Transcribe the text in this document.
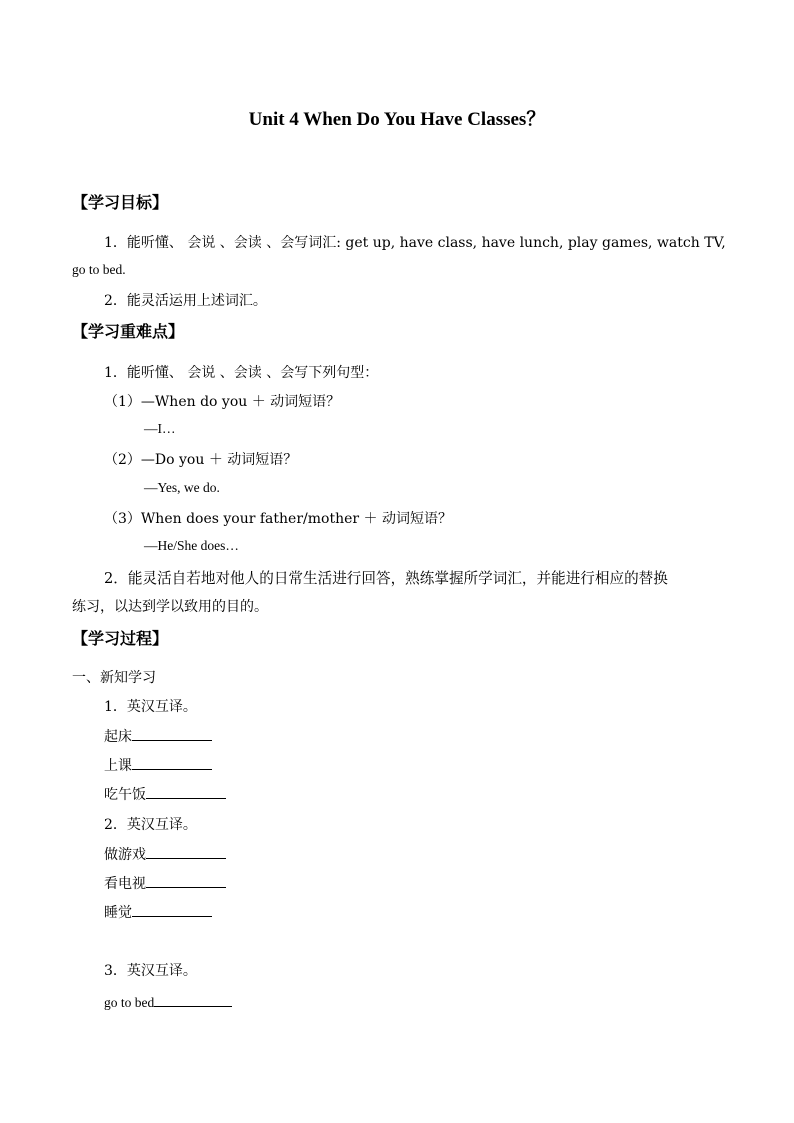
Unit 4 When Do You Have Classes？
【学习目标】
1．能听懂、 会说 、会读 、会写词汇: get up, have class, have lunch, play games, watch TV,
go to bed.
2．能灵活运用上述词汇。
【学习重难点】
1．能听懂、 会说 、会读 、会写下列句型：
（1）—When do you ＋ 动词短语？
—I…
（2）—Do you ＋ 动词短语？
—Yes, we do.
（3）When does your father/mother ＋ 动词短语？
—He/She does…
2．能灵活自若地对他人的日常生活进行回答，熟练掌握所学词汇，并能进行相应的替换
练习，以达到学以致用的目的。
【学习过程】
一、新知学习
1．英汉互译。
起床
上课
吃午饭
2．英汉互译。
做游戏
看电视
睡觉
3．英汉互译。
go to bed
